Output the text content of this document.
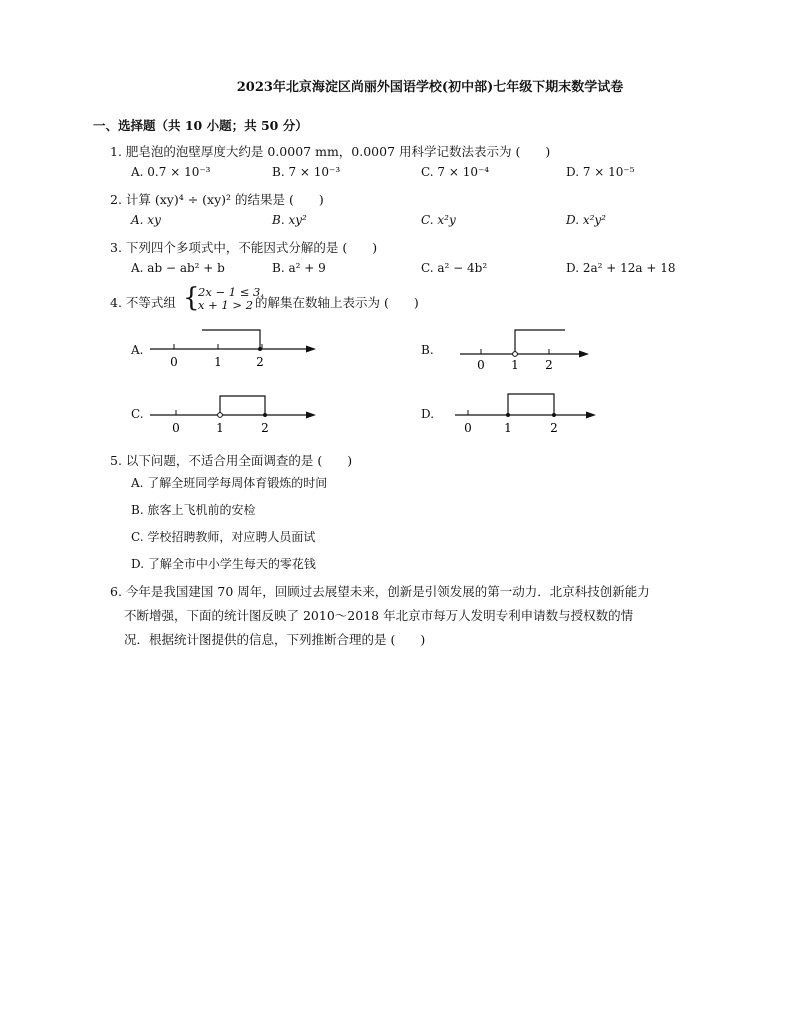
2023年北京海淀区尚丽外国语学校(初中部)七年级下期末数学试卷
一、选择题（共 10 小题；共 50 分）
1. 肥皂泡的泡壁厚度大约是 0.0007 mm，0.0007 用科学记数法表示为 (　　)
A. 0.7 × 10⁻³	B. 7 × 10⁻³	C. 7 × 10⁻⁴	D. 7 × 10⁻⁵
2. 计算 (xy)⁴ ÷ (xy)² 的结果是 (　　)
A. xy	B. xy²	C. x²y	D. x²y²
3. 下列四个多项式中，不能因式分解的是 (　　)
A. ab − ab² + b	B. a² + 9	C. a² − 4b²	D. 2a² + 12a + 18
4. 不等式组 {
2x − 1 ≤ 3,
x + 1 > 2 的解集在数轴上表示为 (　　)
A.
0	1	2
B.
0 1 2
C.
0	1	2
D.
0	1	2
5. 以下问题，不适合用全面调查的是 (　　)
A. 了解全班同学每周体育锻炼的时间
B. 旅客上飞机前的安检
C. 学校招聘教师，对应聘人员面试
D. 了解全市中小学生每天的零花钱
6. 今年是我国建国 70 周年，回顾过去展望未来，创新是引领发展的第一动力．北京科技创新能力
不断增强，下面的统计图反映了 2010～2018 年北京市每万人发明专利申请数与授权数的情
况．根据统计图提供的信息，下列推断合理的是 (　　)
